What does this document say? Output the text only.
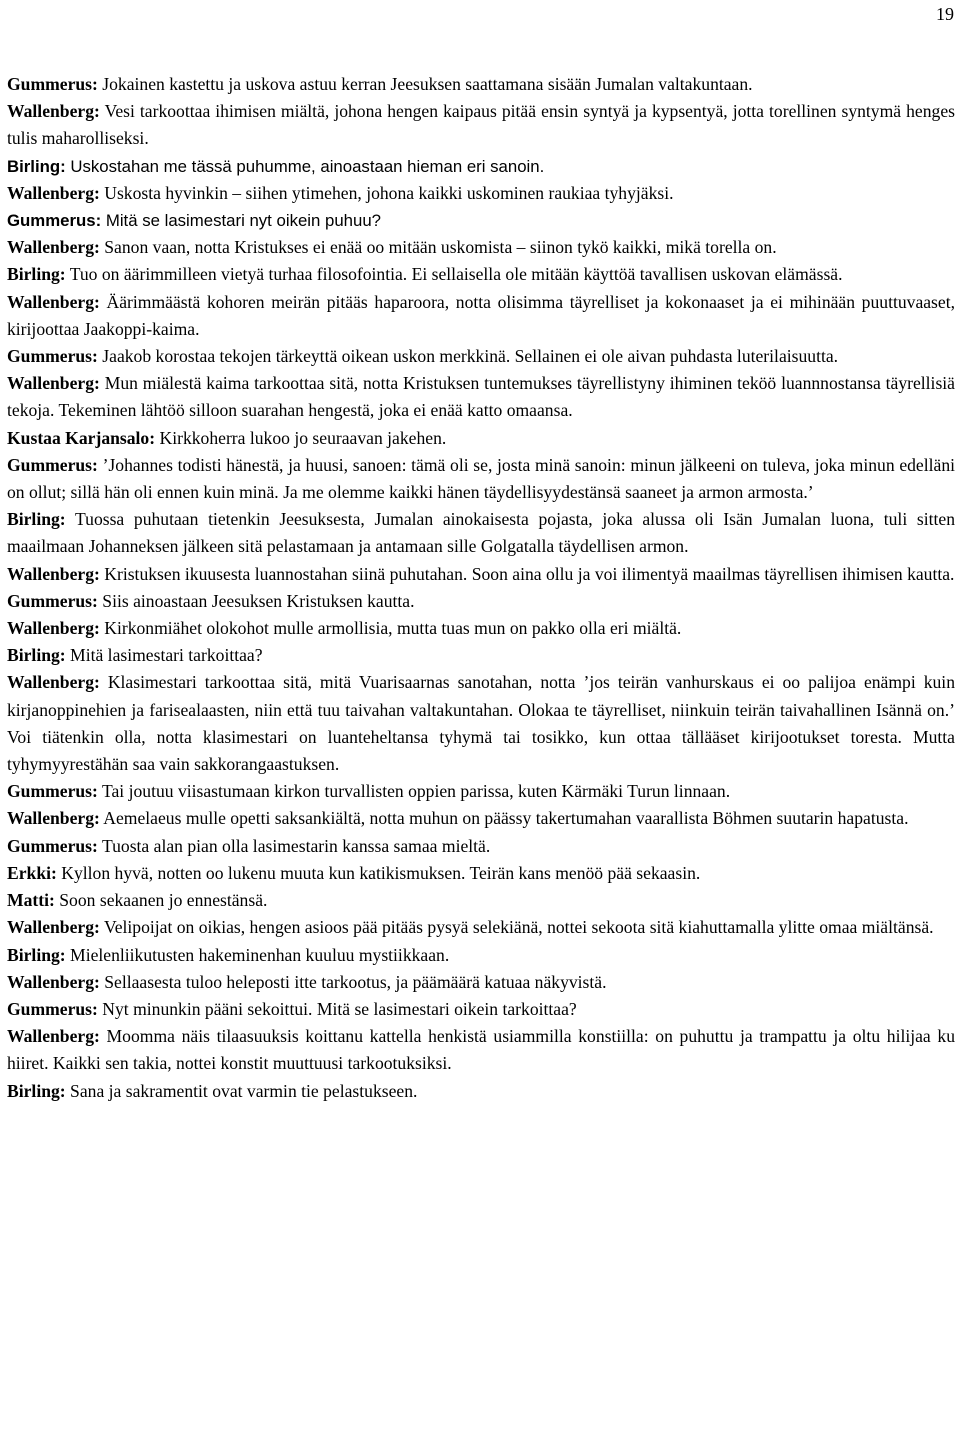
19

Gummerus: Jokainen kastettu ja uskova astuu kerran Jeesuksen saattamana sisään Jumalan valtakuntaan.

Wallenberg: Vesi tarkoottaa ihimisen miältä, johona hengen kaipaus pitää ensin syntyä ja kypsentyä, jotta torellinen syntymä henges tulis maharolliseksi.

Birling: Uskostahan me tässä puhumme, ainoastaan hieman eri sanoin.

Wallenberg: Uskosta hyvinkin – siihen ytimehen, johona kaikki uskominen raukiaa tyhyjäksi.

Gummerus: Mitä se lasimestari nyt oikein puhuu?

Wallenberg: Sanon vaan, notta Kristukses ei enää oo mitään uskomista – siinon tykö kaikki, mikä torella on.

Birling: Tuo on äärimmilleen vietyä turhaa filosofointia. Ei sellaisella ole mitään käyttöä tavallisen uskovan elämässä.

Wallenberg: Äärimmäästä kohoren meirän pitääs haparoora, notta olisimma täyrelliset ja kokonaaset ja ei mihinään puuttuvaaset, kirijoottaa Jaakoppi-kaima.

Gummerus: Jaakob korostaa tekojen tärkeyttä oikean uskon merkkinä. Sellainen ei ole aivan puhdasta luterilaisuutta.

Wallenberg: Mun miälestä kaima tarkoottaa sitä, notta Kristuksen tuntemukses täyrellistyny ihiminen teköö luannnostansa täyrellisiä tekoja. Tekeminen lähtöö silloon suarahan hengestä, joka ei enää katto omaansa.

Kustaa Karjansalo: Kirkkoherra lukoo jo seuraavan jakehen.

Gummerus: ’Johannes todisti hänestä, ja huusi, sanoen: tämä oli se, josta minä sanoin: minun jälkeeni on tuleva, joka minun edelläni on ollut; sillä hän oli ennen kuin minä. Ja me olemme kaikki hänen täydellisyydestänsä saaneet ja armon armosta.’

Birling: Tuossa puhutaan tietenkin Jeesuksesta, Jumalan ainokaisesta pojasta, joka alussa oli Isän Jumalan luona, tuli sitten maailmaan Johanneksen jälkeen sitä pelastamaan ja antamaan sille Golgatalla täydellisen armon.

Wallenberg: Kristuksen ikuusesta luannostahan siinä puhutahan. Soon aina ollu ja voi ilimentyä maailmas täyrellisen ihimisen kautta.

Gummerus: Siis ainoastaan Jeesuksen Kristuksen kautta.

Wallenberg: Kirkonmiähet olokohot mulle armollisia, mutta tuas mun on pakko olla eri miältä.

Birling: Mitä lasimestari tarkoittaa?

Wallenberg: Klasimestari tarkoottaa sitä, mitä Vuarisaarnas sanotahan, notta ’jos teirän vanhurskaus ei oo palijoa enämpi kuin kirjanoppinehien ja farisealaasten, niin että tuu taivahan valtakuntahan. Olokaa te täyrelliset, niinkuin teirän taivahallinen Isännä on.’ Voi tiätenkin olla, notta klasimestari on luanteheltansa tyhymä tai tosikko, kun ottaa tällääset kirijootukset toresta. Mutta tyhymyyrestähän saa vain sakkorangaastuksen.

Gummerus: Tai joutuu viisastumaan kirkon turvallisten oppien parissa, kuten Kärmäki Turun linnaan.

Wallenberg: Aemelaeus mulle opetti saksankiältä, notta muhun on päässy takertumahan vaarallista Böhmen suutarin hapatusta.

Gummerus: Tuosta alan pian olla lasimestarin kanssa samaa mieltä.

Erkki: Kyllon hyvä, notten oo lukenu muuta kun katikismuksen. Teirän kans menöö pää sekaasin.

Matti: Soon sekaanen jo ennestänsä.

Wallenberg: Velipoijat on oikias, hengen asioos pää pitääs pysyä selekiänä, nottei sekoota sitä kiahuttamalla ylitte omaa miältänsä.

Birling: Mielenliikutusten hakeminenhan kuuluu mystiikkaan.

Wallenberg: Sellaasesta tuloo heleposti itte tarkootus, ja päämäärä katuaa näkyvistä.

Gummerus: Nyt minunkin pääni sekoittui. Mitä se lasimestari oikein tarkoittaa?

Wallenberg: Moomma näis tilaasuuksis koittanu kattella henkistä usiammilla konstiilla: on puhuttu ja trampattu ja oltu hilijaa ku hiiret. Kaikki sen takia, nottei konstit muuttuusi tarkootuksiksi.

Birling: Sana ja sakramentit ovat varmin tie pelastukseen.
